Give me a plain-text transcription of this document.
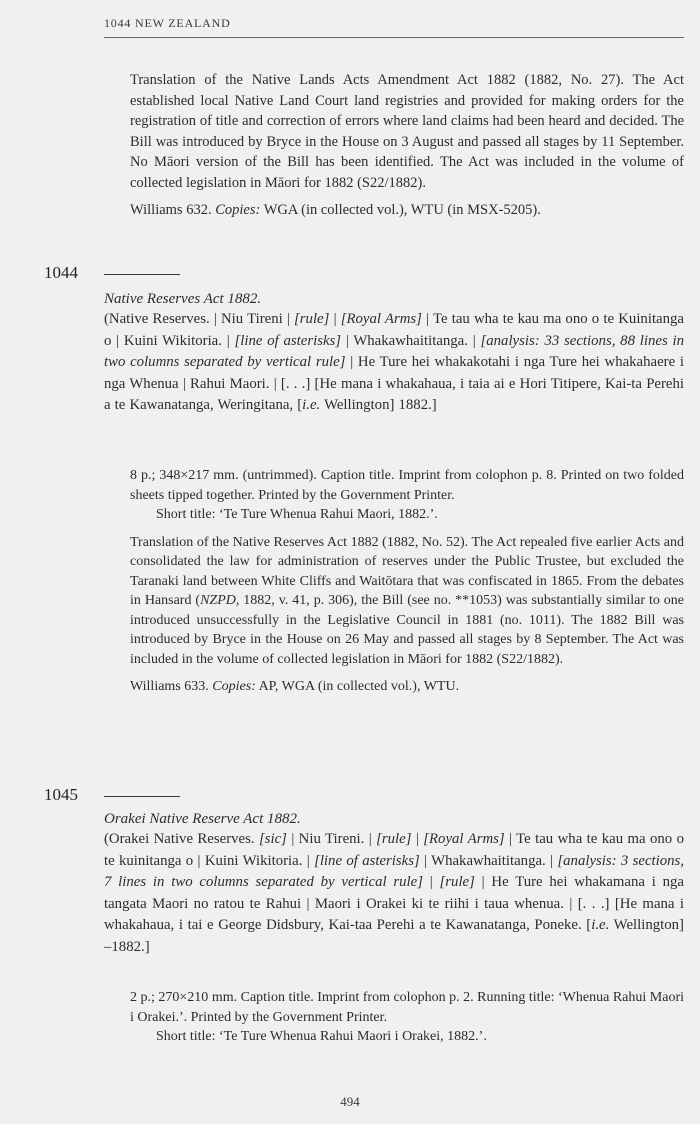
1044 NEW ZEALAND

Translation of the Native Lands Acts Amendment Act 1882 (1882, No. 27). The Act established local Native Land Court land registries and provided for making orders for the registration of title and correction of errors where land claims had been heard and decided. The Bill was introduced by Bryce in the House on 3 August and passed all stages by 11 September. No Māori version of the Bill has been identified. The Act was included in the volume of collected legislation in Māori for 1882 (S22/1882).

Williams 632. Copies: WGA (in collected vol.), WTU (in MSX-5205).

1044

Native Reserves Act 1882.

(Native Reserves. | Niu Tireni | [rule] | [Royal Arms] | Te tau wha te kau ma ono o te Kuinitanga o | Kuini Wikitoria. | [line of asterisks] | Whakawhaititanga. | [analysis: 33 sections, 88 lines in two columns separated by vertical rule] | He Ture hei whakakotahi i nga Ture hei whakahaere i nga Whenua | Rahui Maori. | [. . .] [He mana i whakahaua, i taia ai e Hori Titipere, Kai-ta Perehi a te Kawanatanga, Weringitana, [i.e. Wellington] 1882.]

8 p.; 348×217 mm. (untrimmed). Caption title. Imprint from colophon p. 8. Printed on two folded sheets tipped together. Printed by the Government Printer.

Short title: ‘Te Ture Whenua Rahui Maori, 1882.’.

Translation of the Native Reserves Act 1882 (1882, No. 52). The Act repealed five earlier Acts and consolidated the law for administration of reserves under the Public Trustee, but excluded the Taranaki land between White Cliffs and Waitōtara that was confiscated in 1865. From the debates in Hansard (NZPD, 1882, v. 41, p. 306), the Bill (see no. **1053) was substantially similar to one introduced unsuccessfully in the Legislative Council in 1881 (no. 1011). The 1882 Bill was introduced by Bryce in the House on 26 May and passed all stages by 8 September. The Act was included in the volume of collected legislation in Māori for 1882 (S22/1882).

Williams 633. Copies: AP, WGA (in collected vol.), WTU.

1045

Orakei Native Reserve Act 1882.

(Orakei Native Reserves. [sic] | Niu Tireni. | [rule] | [Royal Arms] | Te tau wha te kau ma ono o te kuinitanga o | Kuini Wikitoria. | [line of asterisks] | Whakawhaititanga. | [analysis: 3 sections, 7 lines in two columns separated by vertical rule] | [rule] | He Ture hei whakamana i nga tangata Maori no ratou te Rahui | Maori i Orakei ki te riihi i taua whenua. | [. . .] [He mana i whakahaua, i tai e George Didsbury, Kai-taa Perehi a te Kawanatanga, Poneke. [i.e. Wellington] –1882.]

2 p.; 270×210 mm. Caption title. Imprint from colophon p. 2. Running title: ‘Whenua Rahui Maori i Orakei.’. Printed by the Government Printer.

Short title: ‘Te Ture Whenua Rahui Maori i Orakei, 1882.’.

494
